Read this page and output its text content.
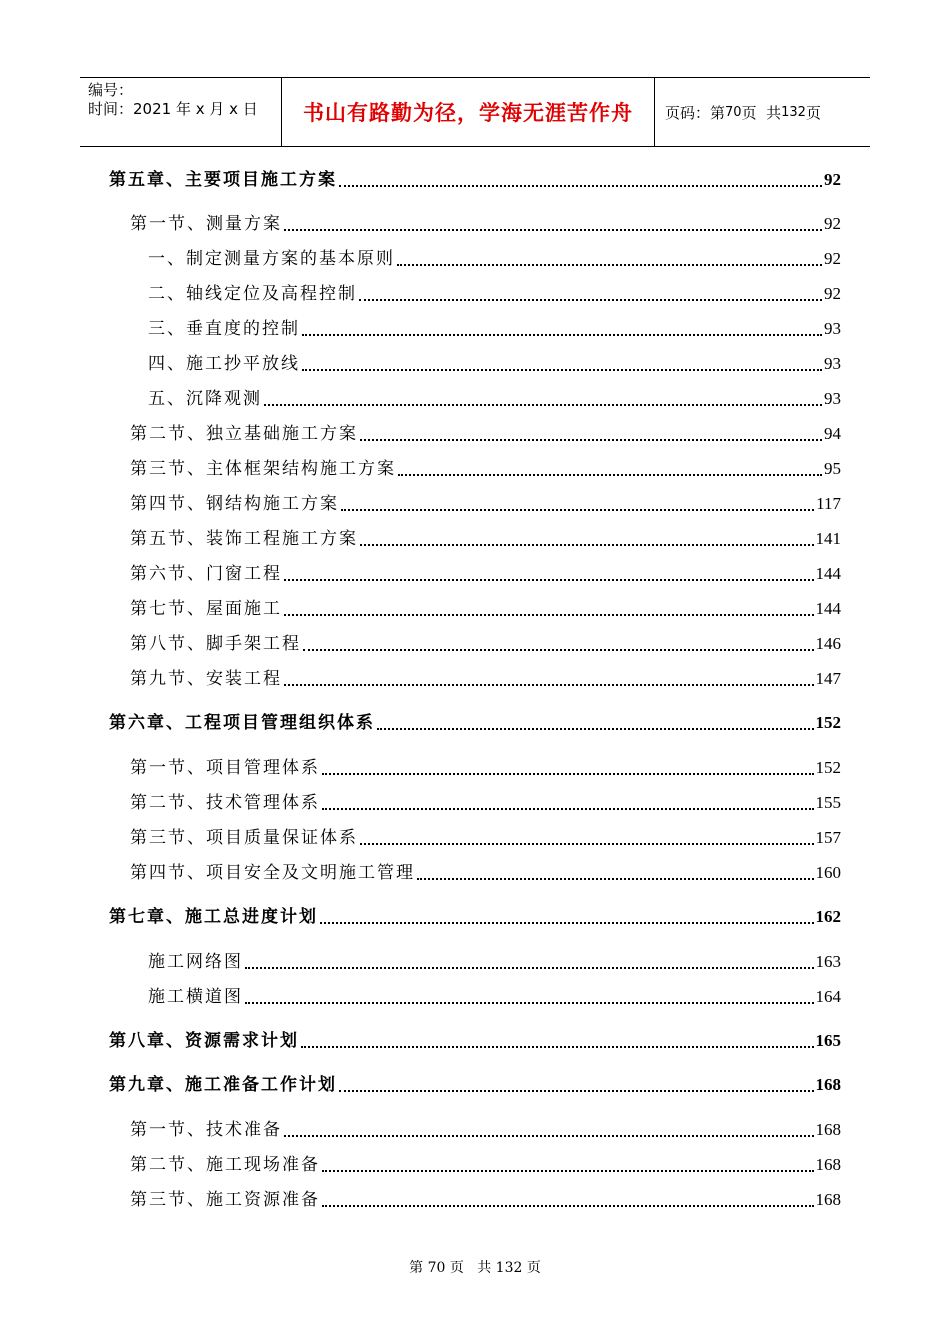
编号：
时间：2021 年 x 月 x 日	书山有路勤为径，学海无涯苦作舟	页码：第 70 页  共 132 页
第五章、主要项目施工方案	92
第一节、测量方案	92
一、制定测量方案的基本原则	92
二、轴线定位及高程控制	92
三、垂直度的控制	93
四、施工抄平放线	93
五、沉降观测	93
第二节、独立基础施工方案	94
第三节、主体框架结构施工方案	95
第四节、钢结构施工方案	117
第五节、装饰工程施工方案	141
第六节、门窗工程	144
第七节、屋面施工	144
第八节、脚手架工程	146
第九节、安装工程	147
第六章、工程项目管理组织体系	152
第一节、项目管理体系	152
第二节、技术管理体系	155
第三节、项目质量保证体系	157
第四节、项目安全及文明施工管理	160
第七章、施工总进度计划	162
施工网络图	163
施工横道图	164
第八章、资源需求计划	165
第九章、施工准备工作计划	168
第一节、技术准备	168
第二节、施工现场准备	168
第三节、施工资源准备	168
第 70 页   共 132 页
